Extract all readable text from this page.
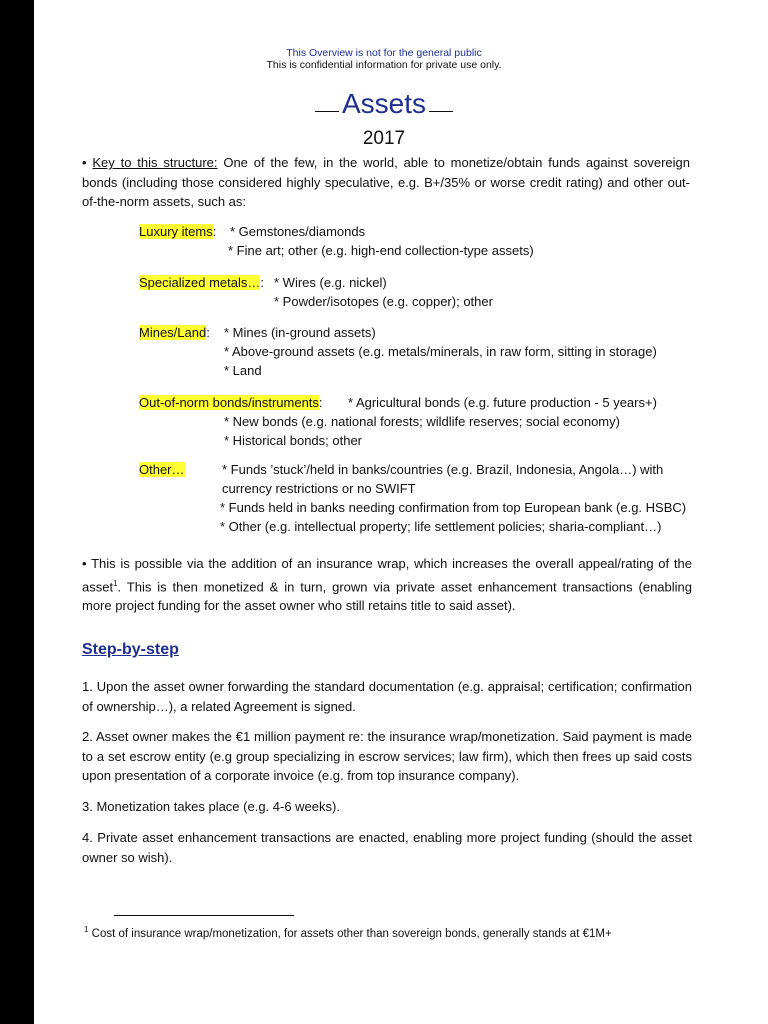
This Overview is not for the general public
This is confidential information for private use only.
Assets
2017
• Key to this structure: One of the few, in the world, able to monetize/obtain funds against sovereign bonds (including those considered highly speculative, e.g. B+/35% or worse credit rating) and other out-of-the-norm assets, such as:
Luxury items: * Gemstones/diamonds
* Fine art; other (e.g. high-end collection-type assets)
Specialized metals…: * Wires (e.g. nickel)
* Powder/isotopes (e.g. copper); other
Mines/Land: * Mines (in-ground assets)
* Above-ground assets (e.g. metals/minerals, in raw form, sitting in storage)
* Land
Out-of-norm bonds/instruments: * Agricultural bonds (e.g. future production - 5 years+)
* New bonds (e.g. national forests; wildlife reserves; social economy)
* Historical bonds; other
Other…	* Funds ’stuck’/held in banks/countries (e.g. Brazil, Indonesia, Angola…) with
currency restrictions or no SWIFT
* Funds held in banks needing confirmation from top European bank (e.g. HSBC)
* Other (e.g. intellectual property; life settlement policies; sharia-compliant…)
• This is possible via the addition of an insurance wrap, which increases the overall appeal/rating of the asset$^1$. This is then monetized & in turn, grown via private asset enhancement transactions (enabling more project funding for the asset owner who still retains title to said asset).
Step-by-step
1. Upon the asset owner forwarding the standard documentation (e.g. appraisal; certification; confirmation of ownership…), a related Agreement is signed.
2. Asset owner makes the €1 million payment re: the insurance wrap/monetization. Said payment is made to a set escrow entity (e.g group specializing in escrow services; law firm), which then frees up said costs upon presentation of a corporate invoice (e.g. from top insurance company).
3. Monetization takes place (e.g. 4-6 weeks).
4. Private asset enhancement transactions are enacted, enabling more project funding (should the asset owner so wish).
$^1$ Cost of insurance wrap/monetization, for assets other than sovereign bonds, generally stands at €1M+
